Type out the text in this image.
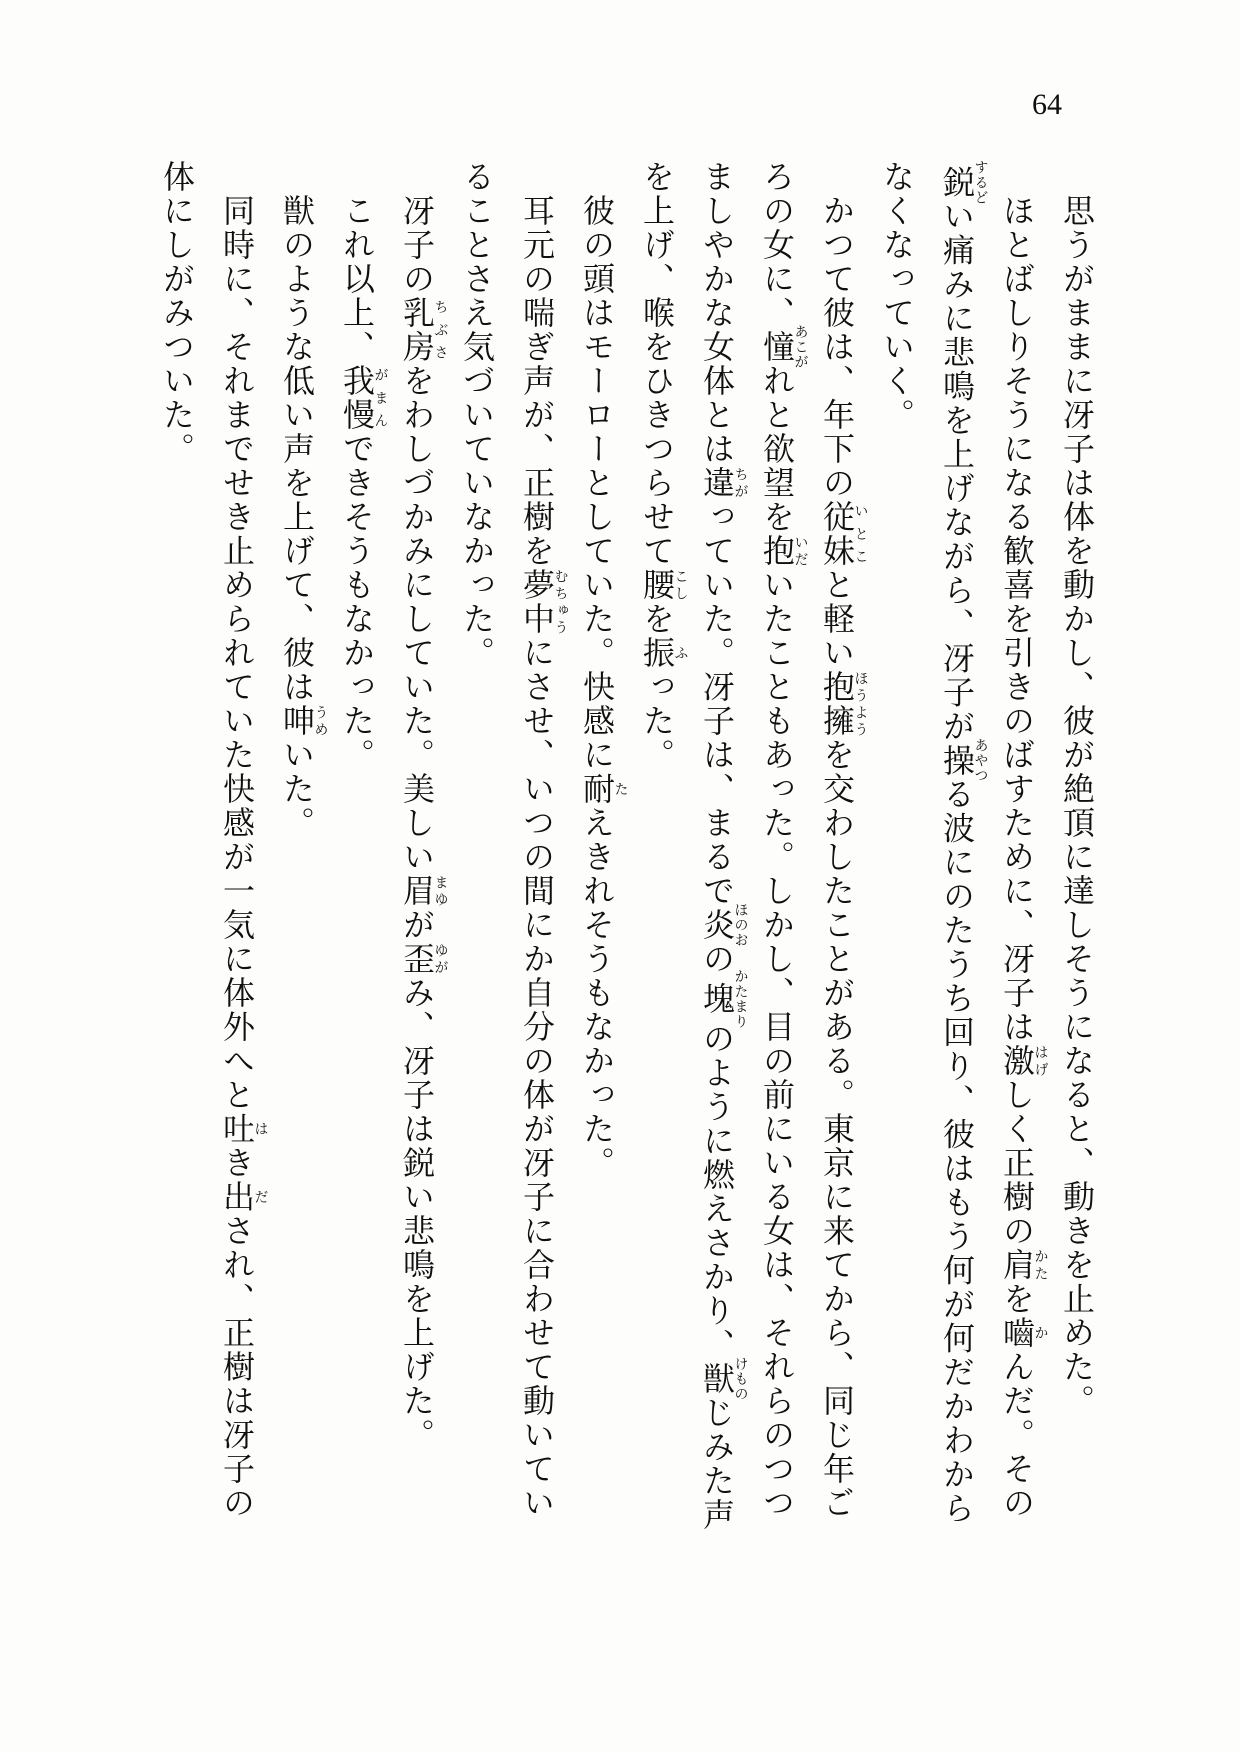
64
思うがままに冴子は体を動かし、彼が絶頂に達しそうになると、動きを止めた。
ほとばしりそうになる歓喜を引きのばすために、冴子は激はげしく正樹の肩かたを嚙かんだ。その
鋭するどい痛みに悲鳴を上げながら、冴子が操あやつる波にのたうち回り、彼はもう何が何だかわから
なくなっていく。
かつて彼は、年下の従妹いとこと軽い抱擁ほうようを交わしたことがある。東京に来てから、同じ年ご
ろの女に、憧あこがれと欲望を抱いだいたこともあった。しかし、目の前にいる女は、それらのつつ
ましやかな女体とは違ちがっていた。冴子は、まるで炎ほのおの塊かたまりのように燃えさかり、獣けものじみた声
を上げ、喉をひきつらせて腰こしを振ふった。
彼の頭はモーローとしていた。快感に耐たえきれそうもなかった。
耳元の喘ぎ声が、正樹を夢中むちゅうにさせ、いつの間にか自分の体が冴子に合わせて動いてい
ることさえ気づいていなかった。
冴子の乳房ちぶさをわしづかみにしていた。美しい眉まゆが歪ゆがみ、冴子は鋭い悲鳴を上げた。
これ以上、我慢がまんできそうもなかった。
獣のような低い声を上げて、彼は呻うめいた。
同時に、それまでせき止められていた快感が一気に体外へと吐はき出だされ、正樹は冴子の
体にしがみついた。
